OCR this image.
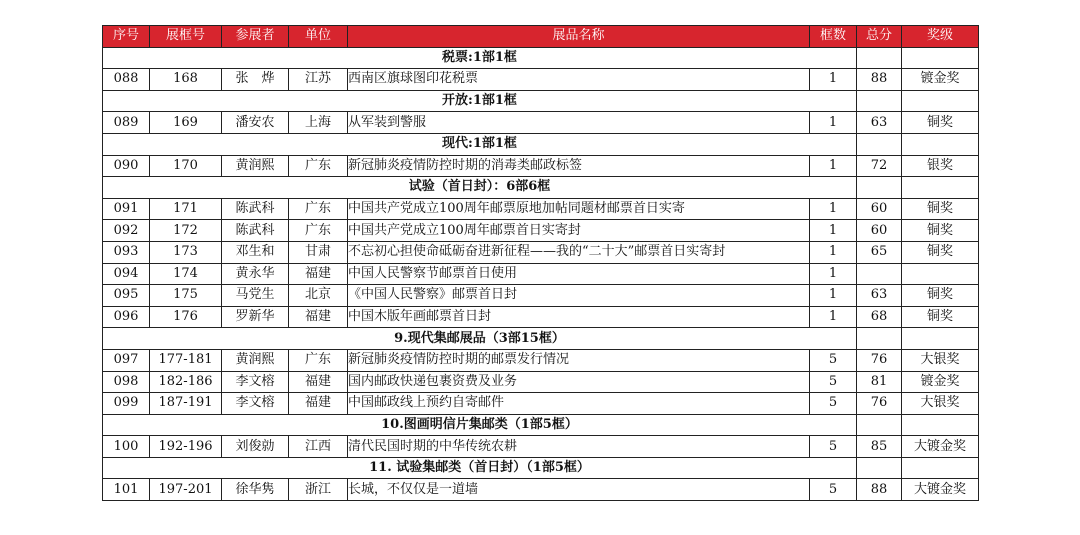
序号	展框号	参展者	单位	展品名称	框数	总分	奖级
税票:1部1框							
088	168	张　烨	江苏	西南区旗球图印花税票	1	88	镀金奖
开放:1部1框							
089	169	潘安农	上海	从军装到警服	1	63	铜奖
现代:1部1框							
090	170	黄润熙	广东	新冠肺炎疫情防控时期的消毒类邮政标签	1	72	银奖
试验（首日封）：6部6框							
091	171	陈武科	广东	中国共产党成立100周年邮票原地加帖同题材邮票首日实寄	1	60	铜奖
092	172	陈武科	广东	中国共产党成立100周年邮票首日实寄封	1	60	铜奖
093	173	邓生和	甘肃	不忘初心担使命砥砺奋进新征程——我的“二十大”邮票首日实寄封	1	65	铜奖
094	174	黄永华	福建	中国人民警察节邮票首日使用	1		
095	175	马党生	北京	《中国人民警察》邮票首日封	1	63	铜奖
096	176	罗新华	福建	中国木版年画邮票首日封	1	68	铜奖
9.现代集邮展品（3部15框）							
097	177-181	黄润熙	广东	新冠肺炎疫情防控时期的邮票发行情况	5	76	大银奖
098	182-186	李文榕	福建	国内邮政快递包裹资费及业务	5	81	镀金奖
099	187-191	李文榕	福建	中国邮政线上预约自寄邮件	5	76	大银奖
10.图画明信片集邮类（1部5框）							
100	192-196	刘俊勍	江西	清代民国时期的中华传统农耕	5	85	大镀金奖
11. 试验集邮类（首日封）（1部5框）							
101	197-201	徐华隽	浙江	长城，不仅仅是一道墙	5	88	大镀金奖
